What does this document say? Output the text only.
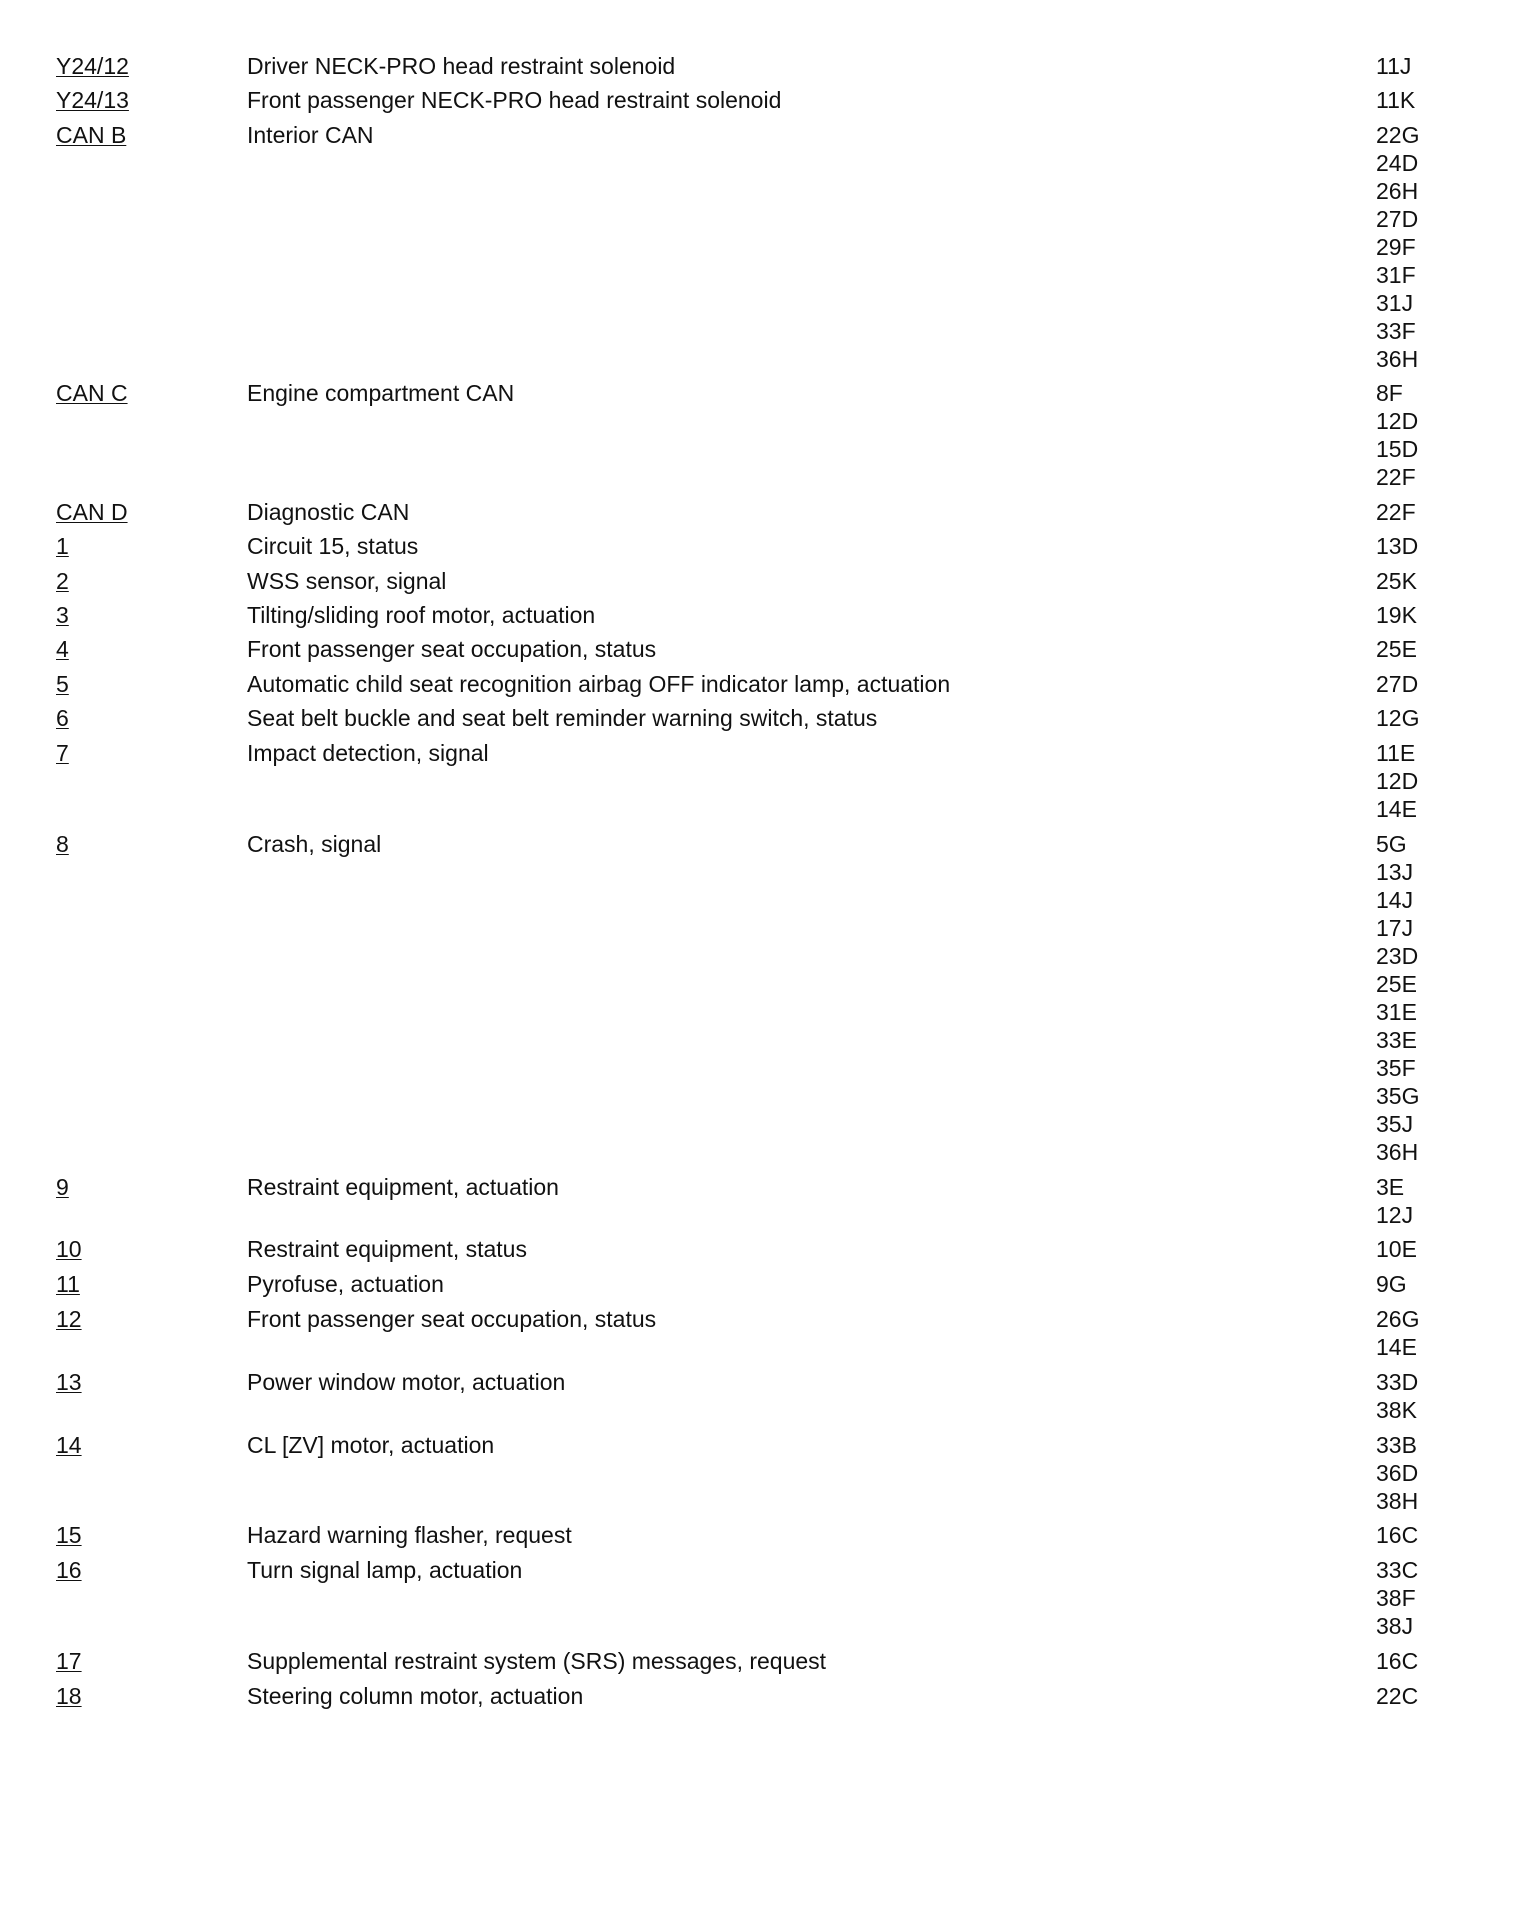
Y24/12	Driver NECK-PRO head restraint solenoid	11J
Y24/13	Front passenger NECK-PRO head restraint solenoid	11K
CAN B	Interior CAN	22G
24D
26H
27D
29F
31F
31J
33F
36H
CAN C	Engine compartment CAN	8F
12D
15D
22F
CAN D	Diagnostic CAN	22F
1	Circuit 15, status	13D
2	WSS sensor, signal	25K
3	Tilting/sliding roof motor, actuation	19K
4	Front passenger seat occupation, status	25E
5	Automatic child seat recognition airbag OFF indicator lamp, actuation	27D
6	Seat belt buckle and seat belt reminder warning switch, status	12G
7	Impact detection, signal	11E
12D
14E
8	Crash, signal	5G
13J
14J
17J
23D
25E
31E
33E
35F
35G
35J
36H
9	Restraint equipment, actuation	3E
12J
10	Restraint equipment, status	10E
11	Pyrofuse, actuation	9G
12	Front passenger seat occupation, status	26G
14E
13	Power window motor, actuation	33D
38K
14	CL [ZV] motor, actuation	33B
36D
38H
15	Hazard warning flasher, request	16C
16	Turn signal lamp, actuation	33C
38F
38J
17	Supplemental restraint system (SRS) messages, request	16C
18	Steering column motor, actuation	22C
